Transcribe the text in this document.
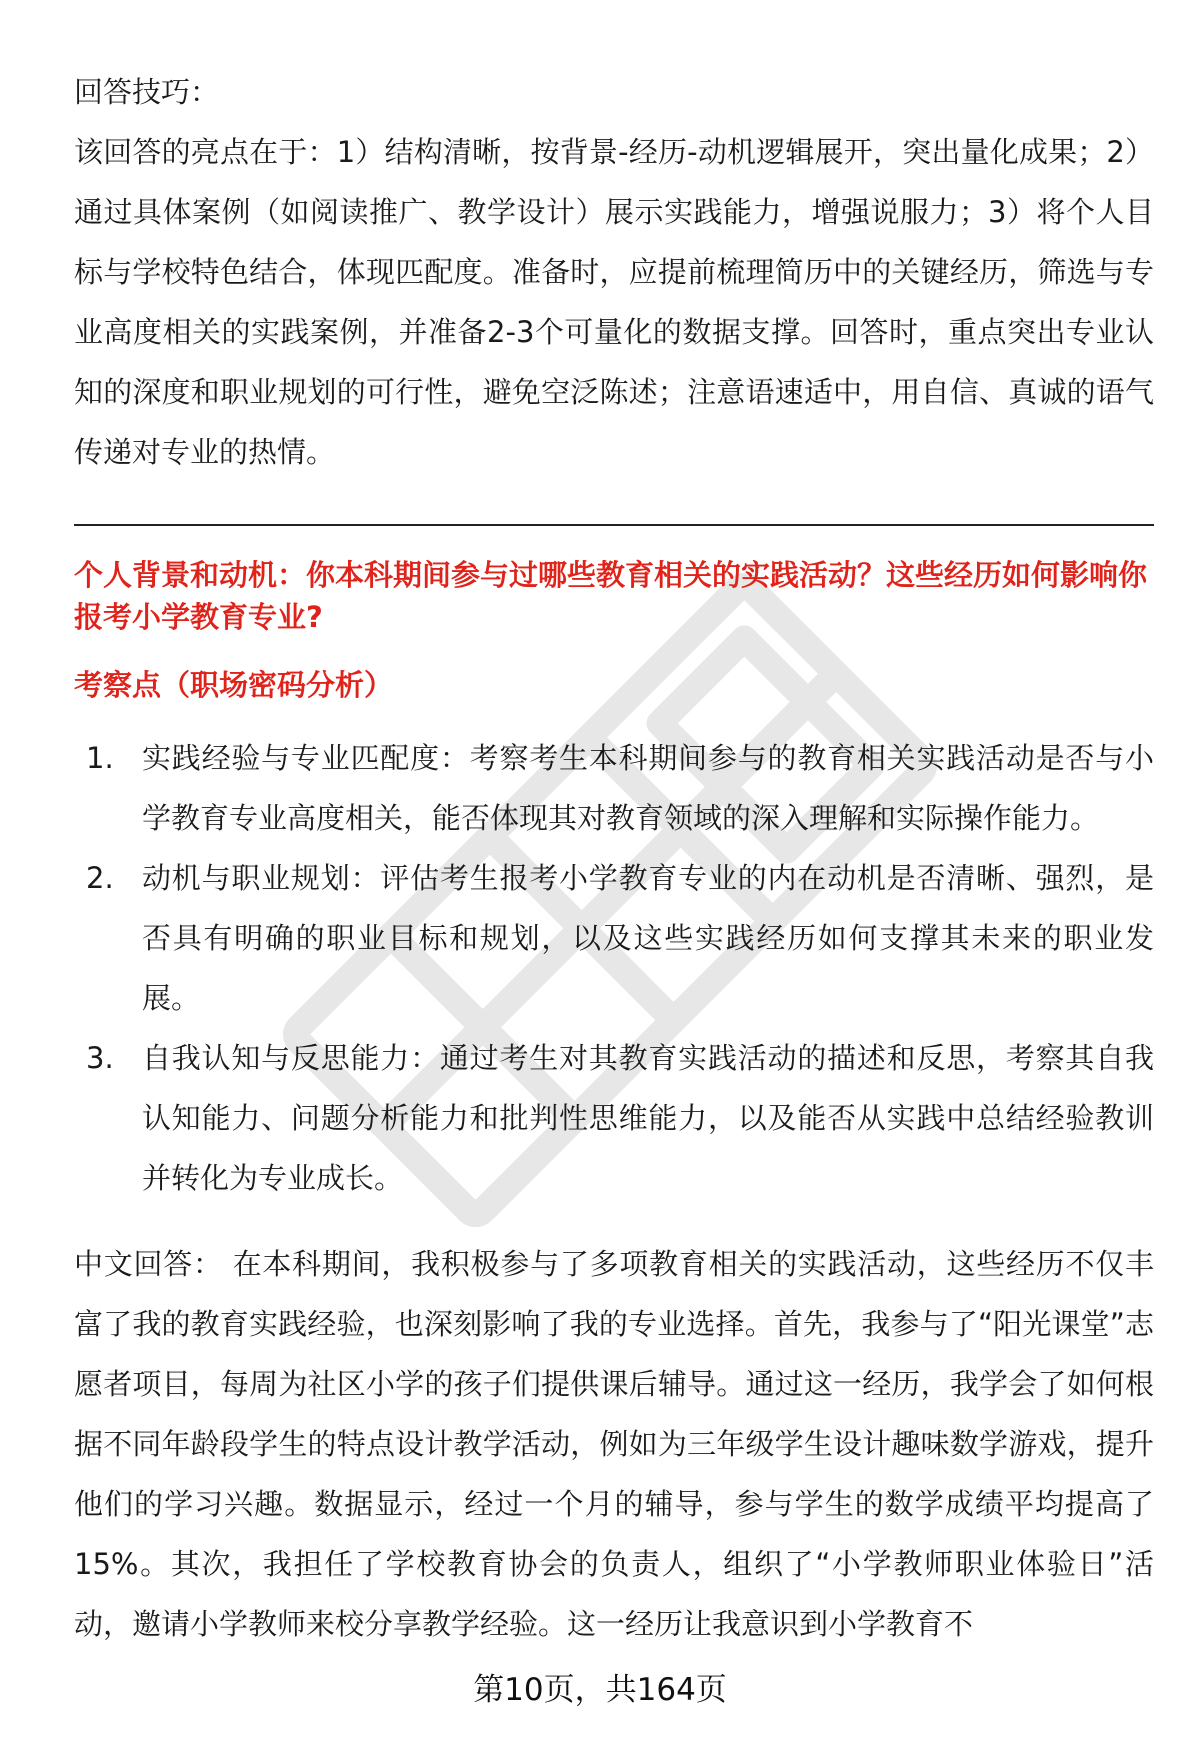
回答技巧：
该回答的亮点在于：1）结构清晰，按背景-经历-动机逻辑展开，突出量化成果；2）通过具体案例（如阅读推广、教学设计）展示实践能力，增强说服力；3）将个人目标与学校特色结合，体现匹配度。准备时，应提前梳理简历中的关键经历，筛选与专业高度相关的实践案例，并准备2-3个可量化的数据支撑。回答时，重点突出专业认知的深度和职业规划的可行性，避免空泛陈述；注意语速适中，用自信、真诚的语气传递对专业的热情。

个人背景和动机：你本科期间参与过哪些教育相关的实践活动？这些经历如何影响你报考小学教育专业?

考察点（职场密码分析）

1. 实践经验与专业匹配度：考察考生本科期间参与的教育相关实践活动是否与小学教育专业高度相关，能否体现其对教育领域的深入理解和实际操作能力。
2. 动机与职业规划：评估考生报考小学教育专业的内在动机是否清晰、强烈，是否具有明确的职业目标和规划，以及这些实践经历如何支撑其未来的职业发展。
3. 自我认知与反思能力：通过考生对其教育实践活动的描述和反思，考察其自我认知能力、问题分析能力和批判性思维能力，以及能否从实践中总结经验教训并转化为专业成长。

中文回答： 在本科期间，我积极参与了多项教育相关的实践活动，这些经历不仅丰富了我的教育实践经验，也深刻影响了我的专业选择。首先，我参与了“阳光课堂”志愿者项目，每周为社区小学的孩子们提供课后辅导。通过这一经历，我学会了如何根据不同年龄段学生的特点设计教学活动，例如为三年级学生设计趣味数学游戏，提升他们的学习兴趣。数据显示，经过一个月的辅导，参与学生的数学成绩平均提高了15%。其次，我担任了学校教育协会的负责人，组织了“小学教师职业体验日”活动，邀请小学教师来校分享教学经验。这一经历让我意识到小学教育不

第10页，共164页
